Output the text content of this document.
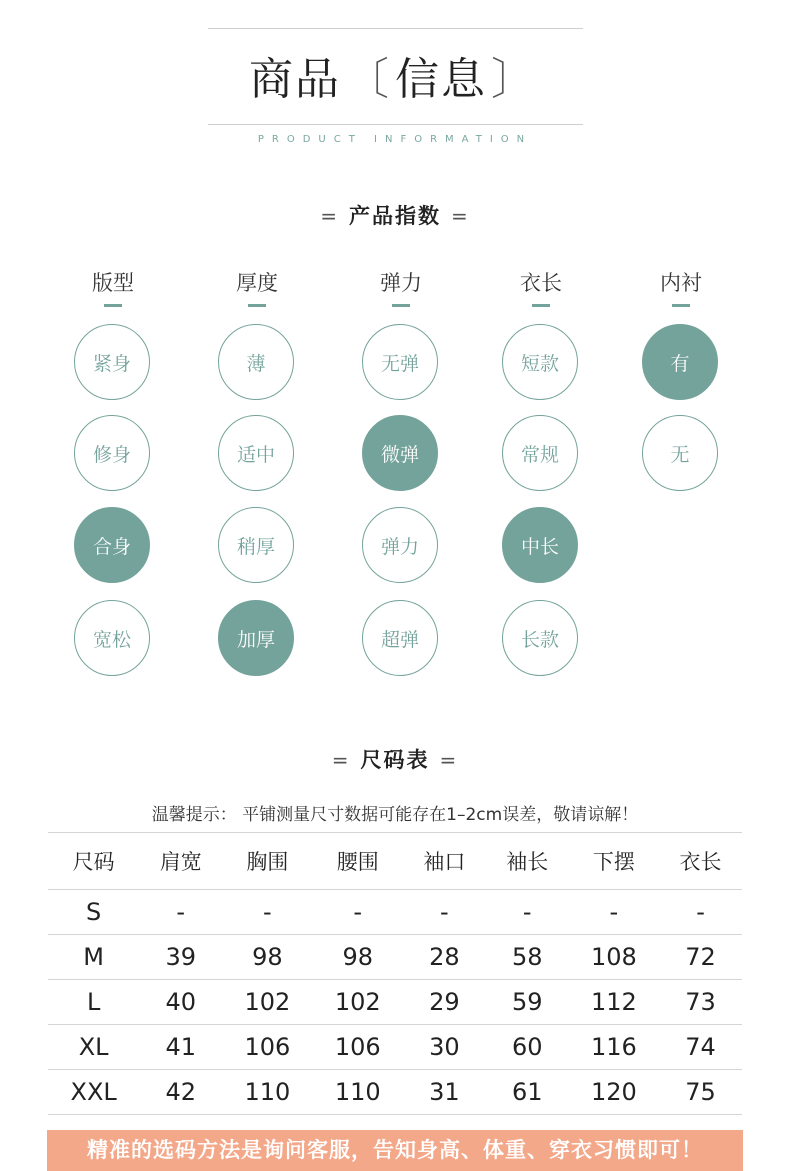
商品〔信息〕
PRODUCT INFORMATION
= 产品指数 =
版型
紧身
修身
合身
宽松
厚度
薄
适中
稍厚
加厚
弹力
无弹
微弹
弹力
超弹
衣长
短款
常规
中长
长款
内衬
有
无
= 尺码表 =
温馨提示： 平铺测量尺寸数据可能存在1–2cm误差，敬请谅解！
尺码	肩宽	胸围	腰围	袖口	袖长	下摆	衣长
S	-	-	-	-	-	-	-
M	39	98	98	28	58	108	72
L	40	102	102	29	59	112	73
XL	41	106	106	30	60	116	74
XXL	42	110	110	31	61	120	75
精准的选码方法是询问客服，告知身高、体重、穿衣习惯即可！
